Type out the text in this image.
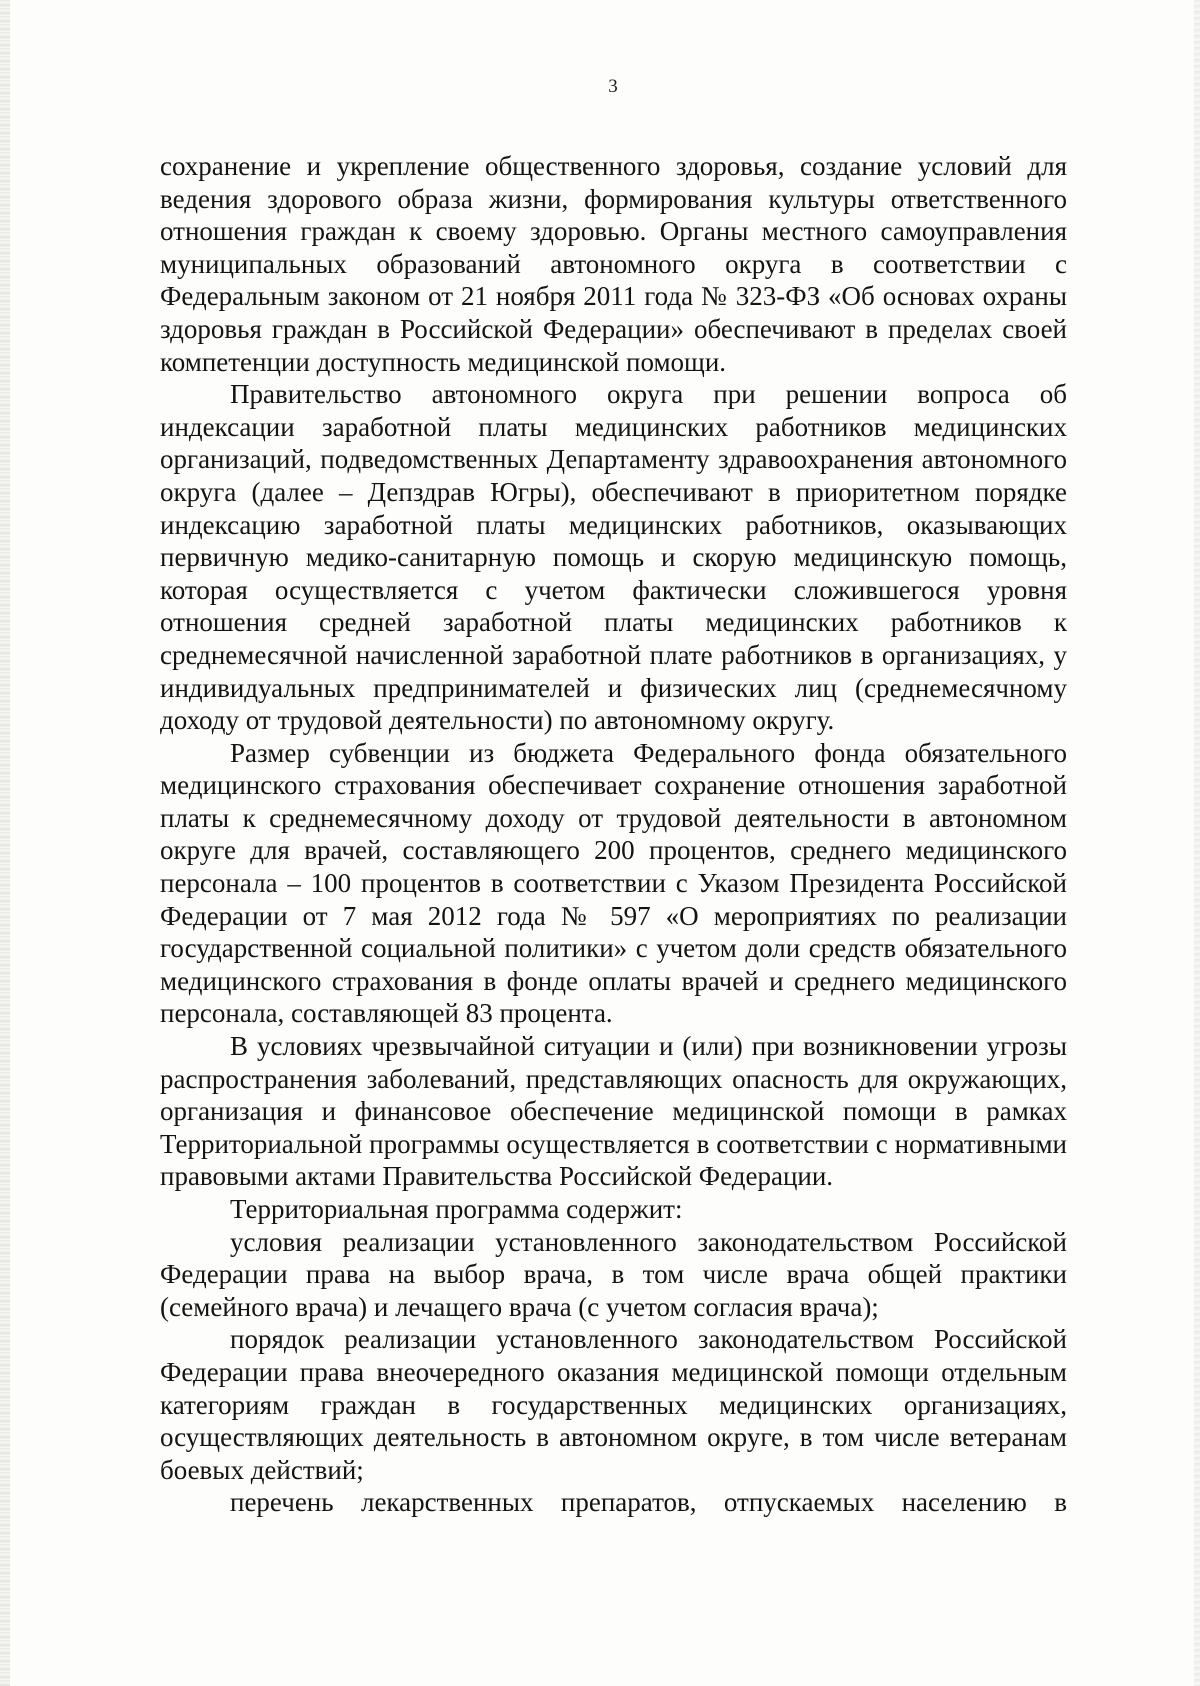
3

сохранение и укрепление общественного здоровья, создание условий для ведения здорового образа жизни, формирования культуры ответственного отношения граждан к своему здоровью. Органы местного самоуправления муниципальных образований автономного округа в соответствии с Федеральным законом от 21 ноября 2011 года № 323-ФЗ «Об основах охраны здоровья граждан в Российской Федерации» обеспечивают в пределах своей компетенции доступность медицинской помощи.

Правительство автономного округа при решении вопроса об индексации заработной платы медицинских работников медицинских организаций, подведомственных Департаменту здравоохранения автономного округа (далее – Депздрав Югры), обеспечивают в приоритетном порядке индексацию заработной платы медицинских работников, оказывающих первичную медико-санитарную помощь и скорую медицинскую помощь, которая осуществляется с учетом фактически сложившегося уровня отношения средней заработной платы медицинских работников к среднемесячной начисленной заработной плате работников в организациях, у индивидуальных предпринимателей и физических лиц (среднемесячному доходу от трудовой деятельности) по автономному округу.

Размер субвенции из бюджета Федерального фонда обязательного медицинского страхования обеспечивает сохранение отношения заработной платы к среднемесячному доходу от трудовой деятельности в автономном округе для врачей, составляющего 200 процентов, среднего медицинского персонала – 100 процентов в соответствии с Указом Президента Российской Федерации от 7 мая 2012 года № 597 «О мероприятиях по реализации государственной социальной политики» с учетом доли средств обязательного медицинского страхования в фонде оплаты врачей и среднего медицинского персонала, составляющей 83 процента.

В условиях чрезвычайной ситуации и (или) при возникновении угрозы распространения заболеваний, представляющих опасность для окружающих, организация и финансовое обеспечение медицинской помощи в рамках Территориальной программы осуществляется в соответствии с нормативными правовыми актами Правительства Российской Федерации.

Территориальная программа содержит:

условия реализации установленного законодательством Российской Федерации права на выбор врача, в том числе врача общей практики (семейного врача) и лечащего врача (с учетом согласия врача);

порядок реализации установленного законодательством Российской Федерации права внеочередного оказания медицинской помощи отдельным категориям граждан в государственных медицинских организациях, осуществляющих деятельность в автономном округе, в том числе ветеранам боевых действий;

перечень лекарственных препаратов, отпускаемых населению в
